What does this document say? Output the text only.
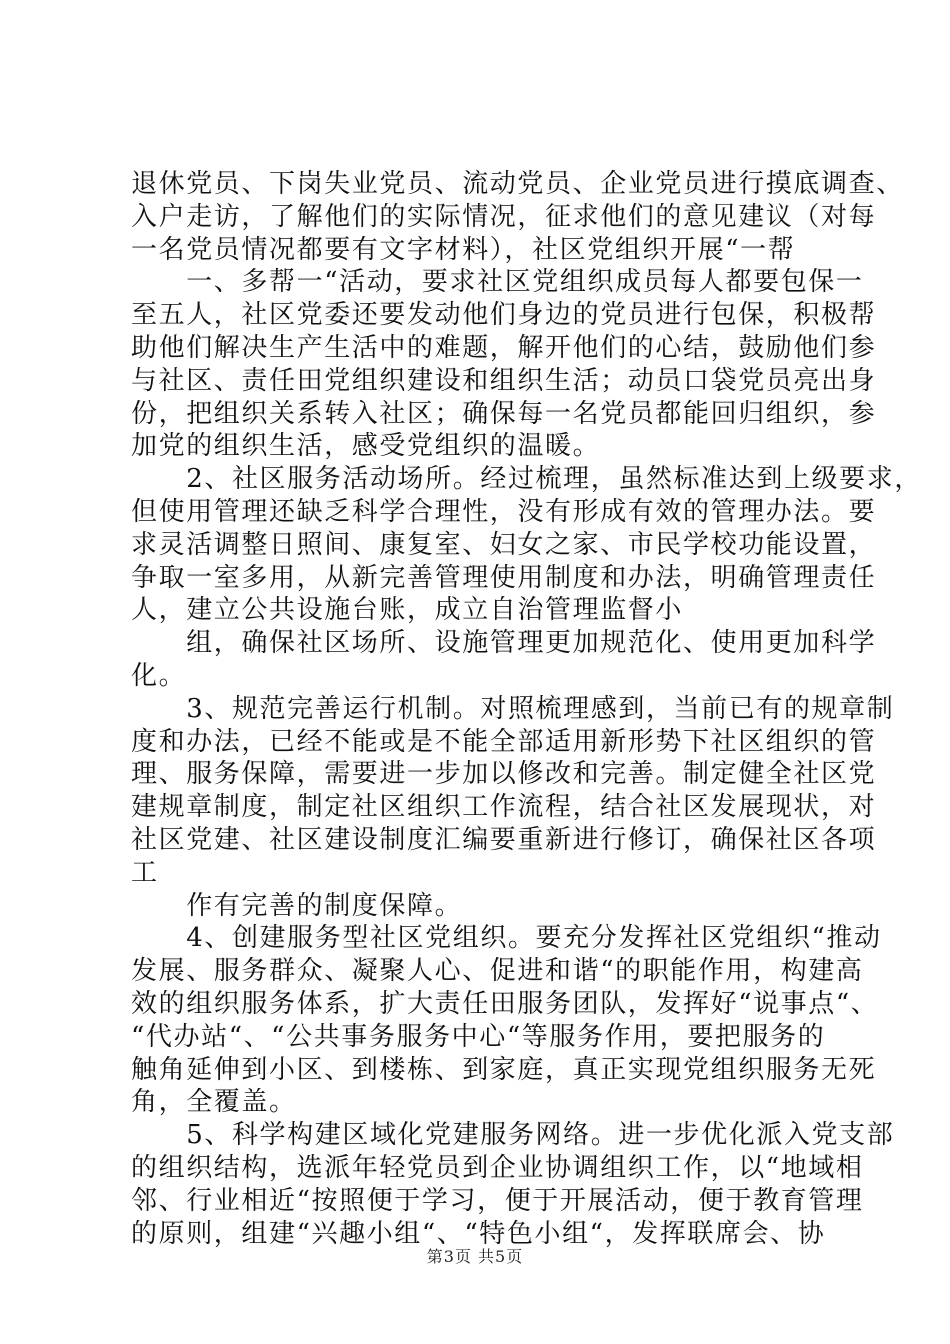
退休党员、下岗失业党员、流动党员、企业党员进行摸底调查、
入户走访，了解他们的实际情况，征求他们的意见建议（对每
一名党员情况都要有文字材料），社区党组织开展“一帮
　　一、多帮一“活动，要求社区党组织成员每人都要包保一
至五人，社区党委还要发动他们身边的党员进行包保，积极帮
助他们解决生产生活中的难题，解开他们的心结，鼓励他们参
与社区、责任田党组织建设和组织生活；动员口袋党员亮出身
份，把组织关系转入社区；确保每一名党员都能回归组织，参
加党的组织生活，感受党组织的温暖。
　　2、社区服务活动场所。经过梳理，虽然标准达到上级要求，
但使用管理还缺乏科学合理性，没有形成有效的管理办法。要
求灵活调整日照间、康复室、妇女之家、市民学校功能设置，
争取一室多用，从新完善管理使用制度和办法，明确管理责任
人，建立公共设施台账，成立自治管理监督小
　　组，确保社区场所、设施管理更加规范化、使用更加科学
化。
　　3、规范完善运行机制。对照梳理感到，当前已有的规章制
度和办法，已经不能或是不能全部适用新形势下社区组织的管
理、服务保障，需要进一步加以修改和完善。制定健全社区党
建规章制度，制定社区组织工作流程，结合社区发展现状，对
社区党建、社区建设制度汇编要重新进行修订，确保社区各项
工
　　作有完善的制度保障。
　　4、创建服务型社区党组织。要充分发挥社区党组织“推动
发展、服务群众、凝聚人心、促进和谐“的职能作用，构建高
效的组织服务体系，扩大责任田服务团队，发挥好“说事点“、
“代办站“、“公共事务服务中心“等服务作用，要把服务的
触角延伸到小区、到楼栋、到家庭，真正实现党组织服务无死
角，全覆盖。
　　5、科学构建区域化党建服务网络。进一步优化派入党支部
的组织结构，选派年轻党员到企业协调组织工作，以“地域相
邻、行业相近“按照便于学习，便于开展活动，便于教育管理
的原则，组建“兴趣小组“、“特色小组“，发挥联席会、协
第3页 共5页
